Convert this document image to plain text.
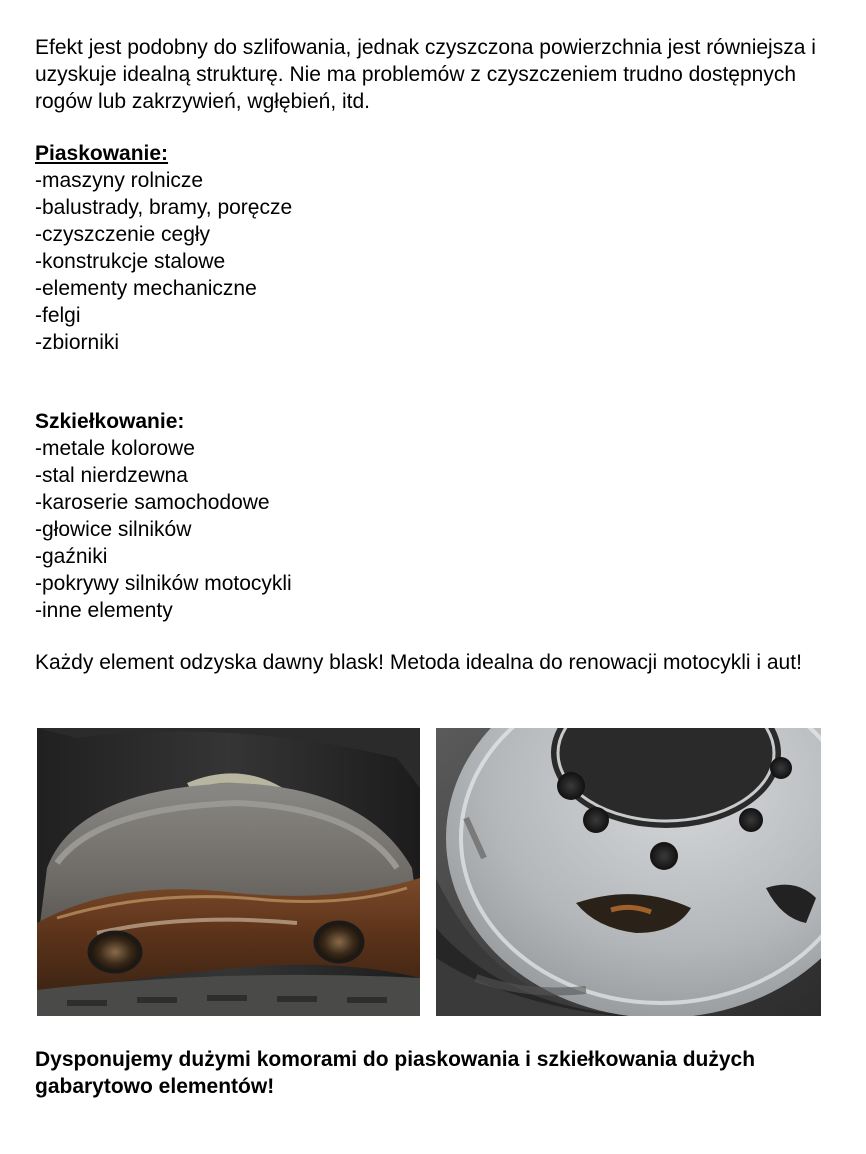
Efekt jest podobny do szlifowania, jednak czyszczona powierzchnia jest równiejsza i uzyskuje idealną strukturę. Nie ma problemów z czyszczeniem trudno dostępnych rogów lub zakrzywień, wgłębień, itd.

Piaskowanie:

-maszyny rolnicze
-balustrady, bramy, poręcze
-czyszczenie cegły
-konstrukcje stalowe
-elementy mechaniczne
-felgi
-zbiorniki

Szkiełkowanie:

-metale kolorowe
-stal nierdzewna
-karoserie samochodowe
-głowice silników
-gaźniki
-pokrywy silników motocykli
-inne elementy

Każdy element odzyska dawny blask! Metoda idealna do renowacji motocykli i aut!

Dysponujemy dużymi komorami do piaskowania i szkiełkowania dużych gabarytowo elementów!
